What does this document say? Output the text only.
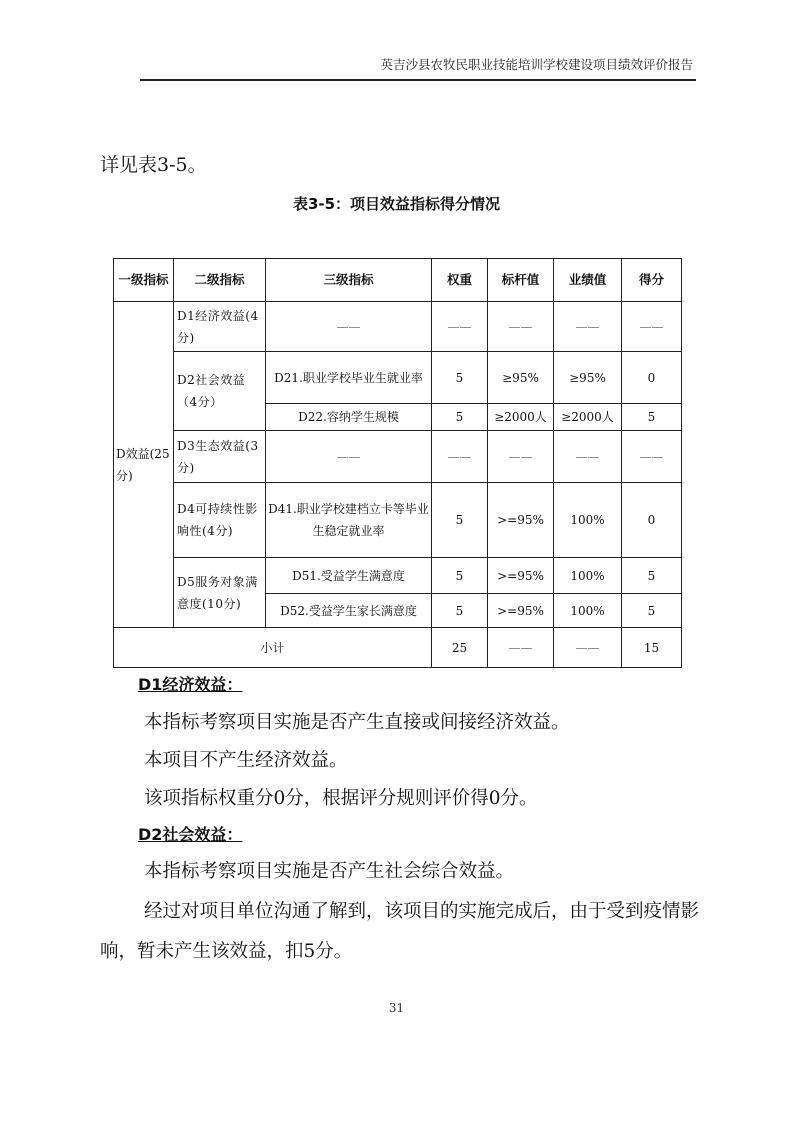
英吉沙县农牧民职业技能培训学校建设项目绩效评价报告
详见表3-5。
表3-5：项目效益指标得分情况
一级指标	二级指标	三级指标	权重	标杆值	业绩值	得分
D效益(25分)	D1经济效益(4分)	——	——	——	——	——
	D2社会效益（4分）	D21.职业学校毕业生就业率	5	≥95%	≥95%	0
		D22.容纳学生规模	5	≥2000人	≥2000人	5
	D3生态效益(3分)	——	——	——	——	——
	D4可持续性影响性(4分)	D41.职业学校建档立卡等毕业生稳定就业率	5	>=95%	100%	0
	D5服务对象满意度(10分)	D51.受益学生满意度	5	>=95%	100%	5
		D52.受益学生家长满意度	5	>=95%	100%	5
小计			25	——	——	15
D1经济效益：
本指标考察项目实施是否产生直接或间接经济效益。
本项目不产生经济效益。
该项指标权重分0分，根据评分规则评价得0分。
D2社会效益：
本指标考察项目实施是否产生社会综合效益。
经过对项目单位沟通了解到，该项目的实施完成后，由于受到疫情影响，暂未产生该效益，扣5分。
31
